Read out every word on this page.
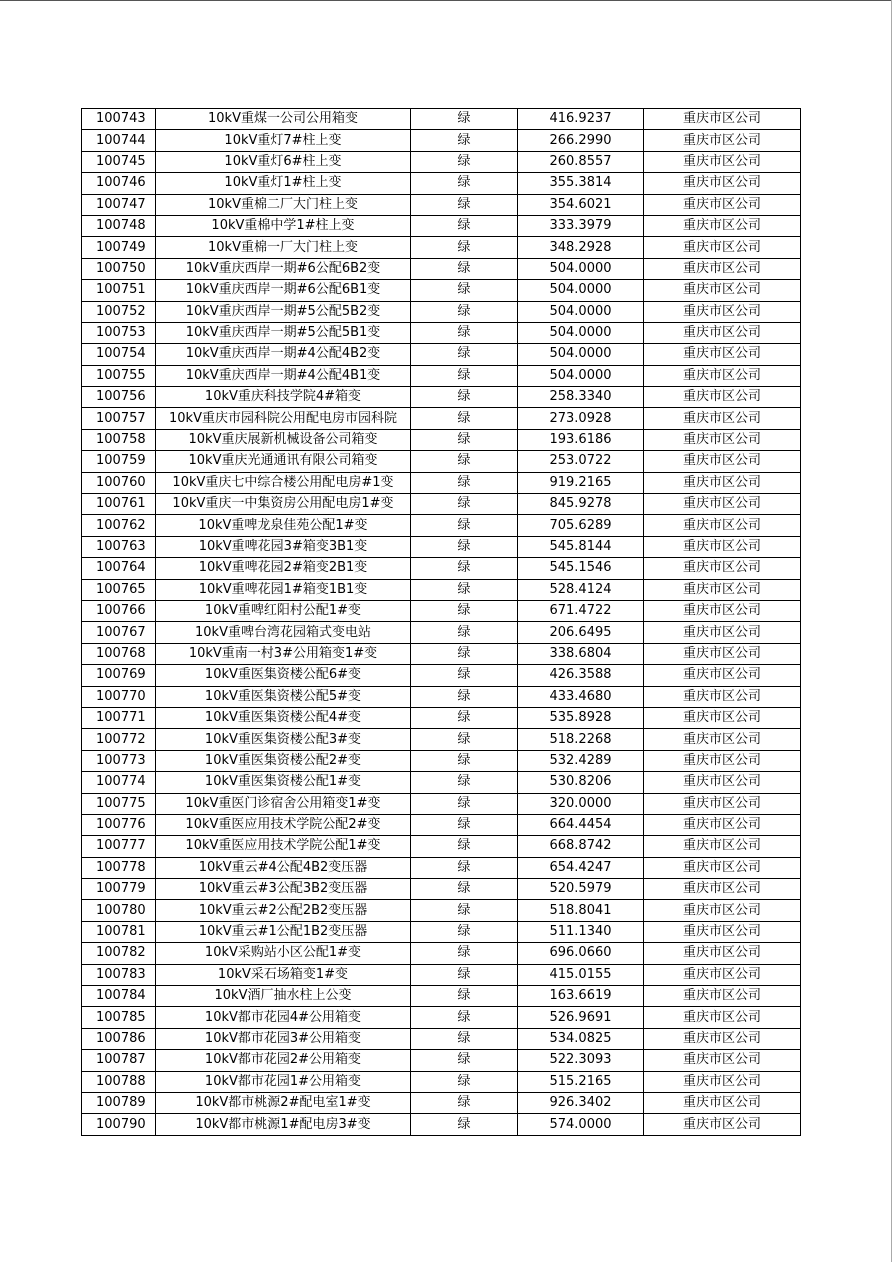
100743	10kV重煤一公司公用箱变	绿	416.9237	重庆市区公司
100744	10kV重灯7#柱上变	绿	266.2990	重庆市区公司
100745	10kV重灯6#柱上变	绿	260.8557	重庆市区公司
100746	10kV重灯1#柱上变	绿	355.3814	重庆市区公司
100747	10kV重棉二厂大门柱上变	绿	354.6021	重庆市区公司
100748	10kV重棉中学1#柱上变	绿	333.3979	重庆市区公司
100749	10kV重棉一厂大门柱上变	绿	348.2928	重庆市区公司
100750	10kV重庆西岸一期#6公配6B2变	绿	504.0000	重庆市区公司
100751	10kV重庆西岸一期#6公配6B1变	绿	504.0000	重庆市区公司
100752	10kV重庆西岸一期#5公配5B2变	绿	504.0000	重庆市区公司
100753	10kV重庆西岸一期#5公配5B1变	绿	504.0000	重庆市区公司
100754	10kV重庆西岸一期#4公配4B2变	绿	504.0000	重庆市区公司
100755	10kV重庆西岸一期#4公配4B1变	绿	504.0000	重庆市区公司
100756	10kV重庆科技学院4#箱变	绿	258.3340	重庆市区公司
100757	10kV重庆市园科院公用配电房市园科院	绿	273.0928	重庆市区公司
100758	10kV重庆展新机械设备公司箱变	绿	193.6186	重庆市区公司
100759	10kV重庆光通通讯有限公司箱变	绿	253.0722	重庆市区公司
100760	10kV重庆七中综合楼公用配电房#1变	绿	919.2165	重庆市区公司
100761	10kV重庆一中集资房公用配电房1#变	绿	845.9278	重庆市区公司
100762	10kV重啤龙泉佳苑公配1#变	绿	705.6289	重庆市区公司
100763	10kV重啤花园3#箱变3B1变	绿	545.8144	重庆市区公司
100764	10kV重啤花园2#箱变2B1变	绿	545.1546	重庆市区公司
100765	10kV重啤花园1#箱变1B1变	绿	528.4124	重庆市区公司
100766	10kV重啤红阳村公配1#变	绿	671.4722	重庆市区公司
100767	10kV重啤台湾花园箱式变电站	绿	206.6495	重庆市区公司
100768	10kV重南一村3#公用箱变1#变	绿	338.6804	重庆市区公司
100769	10kV重医集资楼公配6#变	绿	426.3588	重庆市区公司
100770	10kV重医集资楼公配5#变	绿	433.4680	重庆市区公司
100771	10kV重医集资楼公配4#变	绿	535.8928	重庆市区公司
100772	10kV重医集资楼公配3#变	绿	518.2268	重庆市区公司
100773	10kV重医集资楼公配2#变	绿	532.4289	重庆市区公司
100774	10kV重医集资楼公配1#变	绿	530.8206	重庆市区公司
100775	10kV重医门诊宿舍公用箱变1#变	绿	320.0000	重庆市区公司
100776	10kV重医应用技术学院公配2#变	绿	664.4454	重庆市区公司
100777	10kV重医应用技术学院公配1#变	绿	668.8742	重庆市区公司
100778	10kV重云#4公配4B2变压器	绿	654.4247	重庆市区公司
100779	10kV重云#3公配3B2变压器	绿	520.5979	重庆市区公司
100780	10kV重云#2公配2B2变压器	绿	518.8041	重庆市区公司
100781	10kV重云#1公配1B2变压器	绿	511.1340	重庆市区公司
100782	10kV采购站小区公配1#变	绿	696.0660	重庆市区公司
100783	10kV采石场箱变1#变	绿	415.0155	重庆市区公司
100784	10kV酒厂抽水柱上公变	绿	163.6619	重庆市区公司
100785	10kV都市花园4#公用箱变	绿	526.9691	重庆市区公司
100786	10kV都市花园3#公用箱变	绿	534.0825	重庆市区公司
100787	10kV都市花园2#公用箱变	绿	522.3093	重庆市区公司
100788	10kV都市花园1#公用箱变	绿	515.2165	重庆市区公司
100789	10kV都市桃源2#配电室1#变	绿	926.3402	重庆市区公司
100790	10kV都市桃源1#配电房3#变	绿	574.0000	重庆市区公司
